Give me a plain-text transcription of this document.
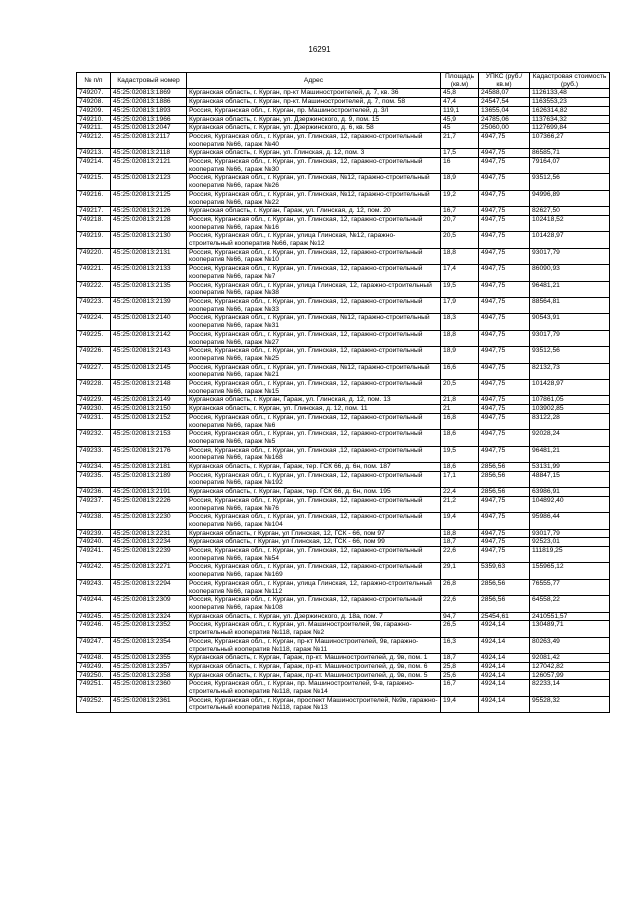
16291
№ п/п	Кадастровый номер	Адрес	Площадь (кв.м)	УПКС (руб./кв.м)	Кадастровая стоимость (руб.)
749207.	45:25:020813:1869	Курганская область, г. Курган, пр-кт Машиностроителей, д. 7, кв. 36	45,8	24588,07	1126133,48
749208.	45:25:020813:1886	Курганская область, г. Курган, пр-кт. Машиностроителей, д. 7, пом. 58	47,4	24547,54	1163553,23
749209.	45:25:020813:1893	Россия, Курганская обл., г. Курган, пр. Машиностроителей, д. 3/I	119,1	13655,04	1626314,82
749210.	45:25:020813:1966	Курганская область, г. Курган, ул. Дзержинского, д. 9, пом. 15	45,9	24785,06	1137634,32
749211.	45:25:020813:2047	Курганская область, г. Курган, ул. Дзержинского, д. 6, кв. 58	45	25060,00	1127699,84
749212.	45:25:020813:2117	Россия, Курганская обл., г. Курган, ул. Глинская, 12, гаражно-строительный кооператив №66, гараж №40	21,7	4947,75	107366,27
749213.	45:25:020813:2118	Курганская область, г. Курган, ул. Глинская, д. 12, пом. 3	17,5	4947,75	86585,71
749214.	45:25:020813:2121	Россия, Курганская обл., г. Курган, ул. Глинская, 12, гаражно-строительный кооператив №66, гараж №30	16	4947,75	79164,07
749215.	45:25:020813:2123	Россия, Курганская обл., г. Курган, ул. Глинская, №12, гаражно-строительный кооператив №66, гараж №26	18,9	4947,75	93512,56
749216.	45:25:020813:2125	Россия, Курганская обл., г. Курган, ул. Глинская, №12, гаражно-строительный кооператив №66, гараж №22	19,2	4947,75	94996,89
749217.	45:25:020813:2126	Курганская область, г. Курган, Гараж, ул. Глинская, д. 12, пом. 20	16,7	4947,75	82627,50
749218.	45:25:020813:2128	Россия, Курганская обл., г. Курган, ул. Глинская, 12, гаражно-строительный кооператив №66, гараж №16	20,7	4947,75	102418,52
749219.	45:25:020813:2130	Россия, Курганская обл., г. Курган, улица Глинская, №12, гаражно-строительный кооператив №66, гараж №12	20,5	4947,75	101428,97
749220.	45:25:020813:2131	Россия, Курганская обл., г. Курган, ул. Глинская, 12, гаражно-строительный кооператив №66, гараж №10	18,8	4947,75	93017,79
749221.	45:25:020813:2133	Россия, Курганская обл., г. Курган, ул. Глинская, 12, гаражно-строительный кооператив №66, гараж №7	17,4	4947,75	86090,93
749222.	45:25:020813:2135	Россия, Курганская обл., г. Курган, улица Глинская, 12, гаражно-строительный кооператив №66, гараж №38	19,5	4947,75	96481,21
749223.	45:25:020813:2139	Россия, Курганская обл., г. Курган, ул. Глинская, 12, гаражно-строительный кооператив №66, гараж №33	17,9	4947,75	88564,81
749224.	45:25:020813:2140	Россия, Курганская обл., г. Курган, ул. Глинская, №12, гаражно-строительный кооператив №66, гараж №31	18,3	4947,75	90543,91
749225.	45:25:020813:2142	Россия, Курганская обл., г. Курган, ул. Глинская, 12, гаражно-строительный кооператив №66, гараж №27	18,8	4947,75	93017,79
749226.	45:25:020813:2143	Россия, Курганская обл., г. Курган, ул. Глинская, 12, гаражно-строительный кооператив №66, гараж №25	18,9	4947,75	93512,56
749227.	45:25:020813:2145	Россия, Курганская обл., г. Курган, ул. Глинская, №12, гаражно-строительный кооператив №66, гараж №21	16,6	4947,75	82132,73
749228.	45:25:020813:2148	Россия, Курганская обл., г. Курган, ул. Глинская, 12, гаражно-строительный кооператив №66, гараж №15	20,5	4947,75	101428,97
749229.	45:25:020813:2149	Курганская область, г. Курган, Гараж, ул. Глинская, д. 12, пом. 13	21,8	4947,75	107861,05
749230.	45:25:020813:2150	Курганская область, г. Курган, ул. Глинская, д. 12, пом. 11	21	4947,75	103902,85
749231.	45:25:020813:2152	Россия, Курганская обл., г. Курган, ул. Глинская, 12, гаражно-строительный кооператив №66, гараж №6	16,8	4947,75	83122,28
749232.	45:25:020813:2153	Россия, Курганская обл., г. Курган, ул. Глинская, 12, гаражно-строительный кооператив №66, гараж №5	18,6	4947,75	92028,24
749233.	45:25:020813:2176	Россия, Курганская обл., г. Курган, ул. Глинская ,12, гаражно-строительный кооператив №66, гараж №168	19,5	4947,75	96481,21
749234.	45:25:020813:2181	Курганская область, г. Курган, Гараж, тер. ГСК 66, д. 6н, пом. 187	18,6	2856,56	53131,99
749235.	45:25:020813:2189	Россия, Курганская обл., г. Курган, ул. Глинская, 12, гаражно-строительный кооператив №66, гараж №192	17,1	2856,56	48847,15
749236.	45:25:020813:2191	Курганская область, г. Курган, Гараж, тер. ГСК 66, д. 6н, пом. 195	22,4	2856,56	63986,91
749237.	45:25:020813:2226	Россия, Курганская обл., г. Курган, ул. Глинская, 12, гаражно-строительный кооператив №66, гараж №76	21,2	4947,75	104892,40
749238.	45:25:020813:2230	Россия, Курганская обл., г. Курган, ул. Глинская, 12, гаражно-строительный кооператив №66, гараж №104	19,4	4947,75	95986,44
749239.	45:25:020813:2231	Курганская область, г Курган, ул Глинская, 12, ГСК - 66, пом 97	18,8	4947,75	93017,79
749240.	45:25:020813:2234	Курганская область, г Курган, ул Глинская, 12, ГСК - 66, пом 99	18,7	4947,75	92523,01
749241.	45:25:020813:2239	Россия, Курганская обл., г. Курган, ул. Глинская, 12, гаражно-строительный кооператив №66, гараж №54	22,6	4947,75	111819,25
749242.	45:25:020813:2271	Россия, Курганская обл., г. Курган, ул. Глинская, 12, гаражно-строительный кооператив №66, гараж №169	29,1	5359,63	155965,12
749243.	45:25:020813:2294	Россия, Курганская обл., г. Курган, улица Глинская, 12, гаражно-строительный кооператив №66, гараж №112	26,8	2856,56	76555,77
749244.	45:25:020813:2309	Россия, Курганская обл., г. Курган, ул. Глинская, 12, гаражно-строительный кооператив №66, гараж №108	22,6	2856,56	64558,22
749245.	45:25:020813:2324	Курганская область, г. Курган, ул. Дзержинского, д. 18а, пом. 7	94,7	25454,61	2410551,57
749246.	45:25:020813:2352	Россия, Курганская обл., г. Курган, ул. Машиностроителей, 9в, гаражно-строительный кооператив №118, гараж №2	26,5	4924,14	130489,71
749247.	45:25:020813:2354	Россия, Курганская обл., г. Курган, пр-кт Машиностроителей, 9в, гаражно-строительный кооператив №118, гараж №11	16,3	4924,14	80263,49
749248.	45:25:020813:2355	Курганская область, г. Курган, Гараж, пр-кт. Машиностроителей, д. 9в, пом. 1	18,7	4924,14	92081,42
749249.	45:25:020813:2357	Курганская область, г. Курган, Гараж, пр-кт. Машиностроителей, д. 9в, пом. 6	25,8	4924,14	127042,82
749250.	45:25:020813:2358	Курганская область, г. Курган, Гараж, пр-кт. Машиностроителей, д. 9в, пом. 5	25,6	4924,14	126057,99
749251.	45:25:020813:2360	Россия, Курганская обл., г. Курган, пр. Машиностроителей, 9-в, гаражно-строительный кооператив №118, гараж №14	16,7	4924,14	82233,14
749252.	45:25:020813:2361	Россия, Курганская обл., г. Курган, проспект Машиностроителей, №9в, гаражно-строительный кооператив №118, гараж №13	19,4	4924,14	95528,32
